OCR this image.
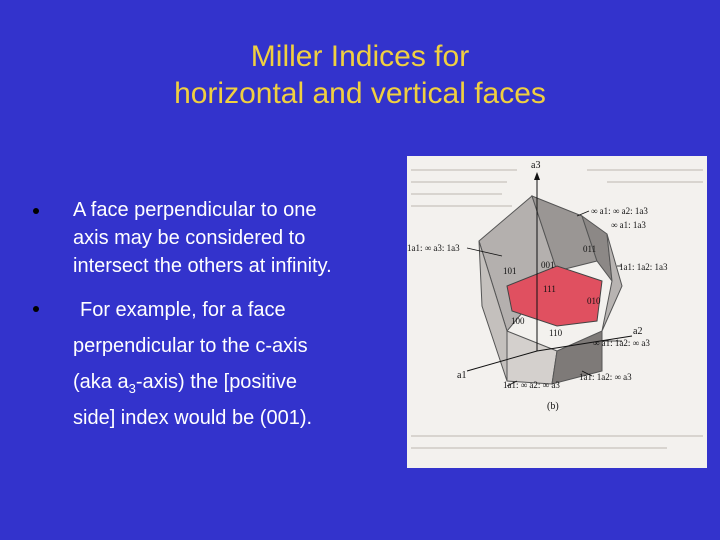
Miller Indices for
horizontal and vertical faces
A face perpendicular to one
axis may be considered to
intersect the others at infinity.
For example, for a face
perpendicular to the c-axis
(aka $a_3-axis$) the [positive
side] index would be (001).
a3
a2
a1
∞ a1: ∞ a2: 1a3
∞ a1: 1a3
1a1: ∞ a3: 1a3
1a1: 1a2: 1a3
∞ a1: 1a2: ∞ a3
1a1: 1a2: ∞ a3
1a1: ∞ a2: ∞ a3
001
111
011
101
010
100
110
(b)
